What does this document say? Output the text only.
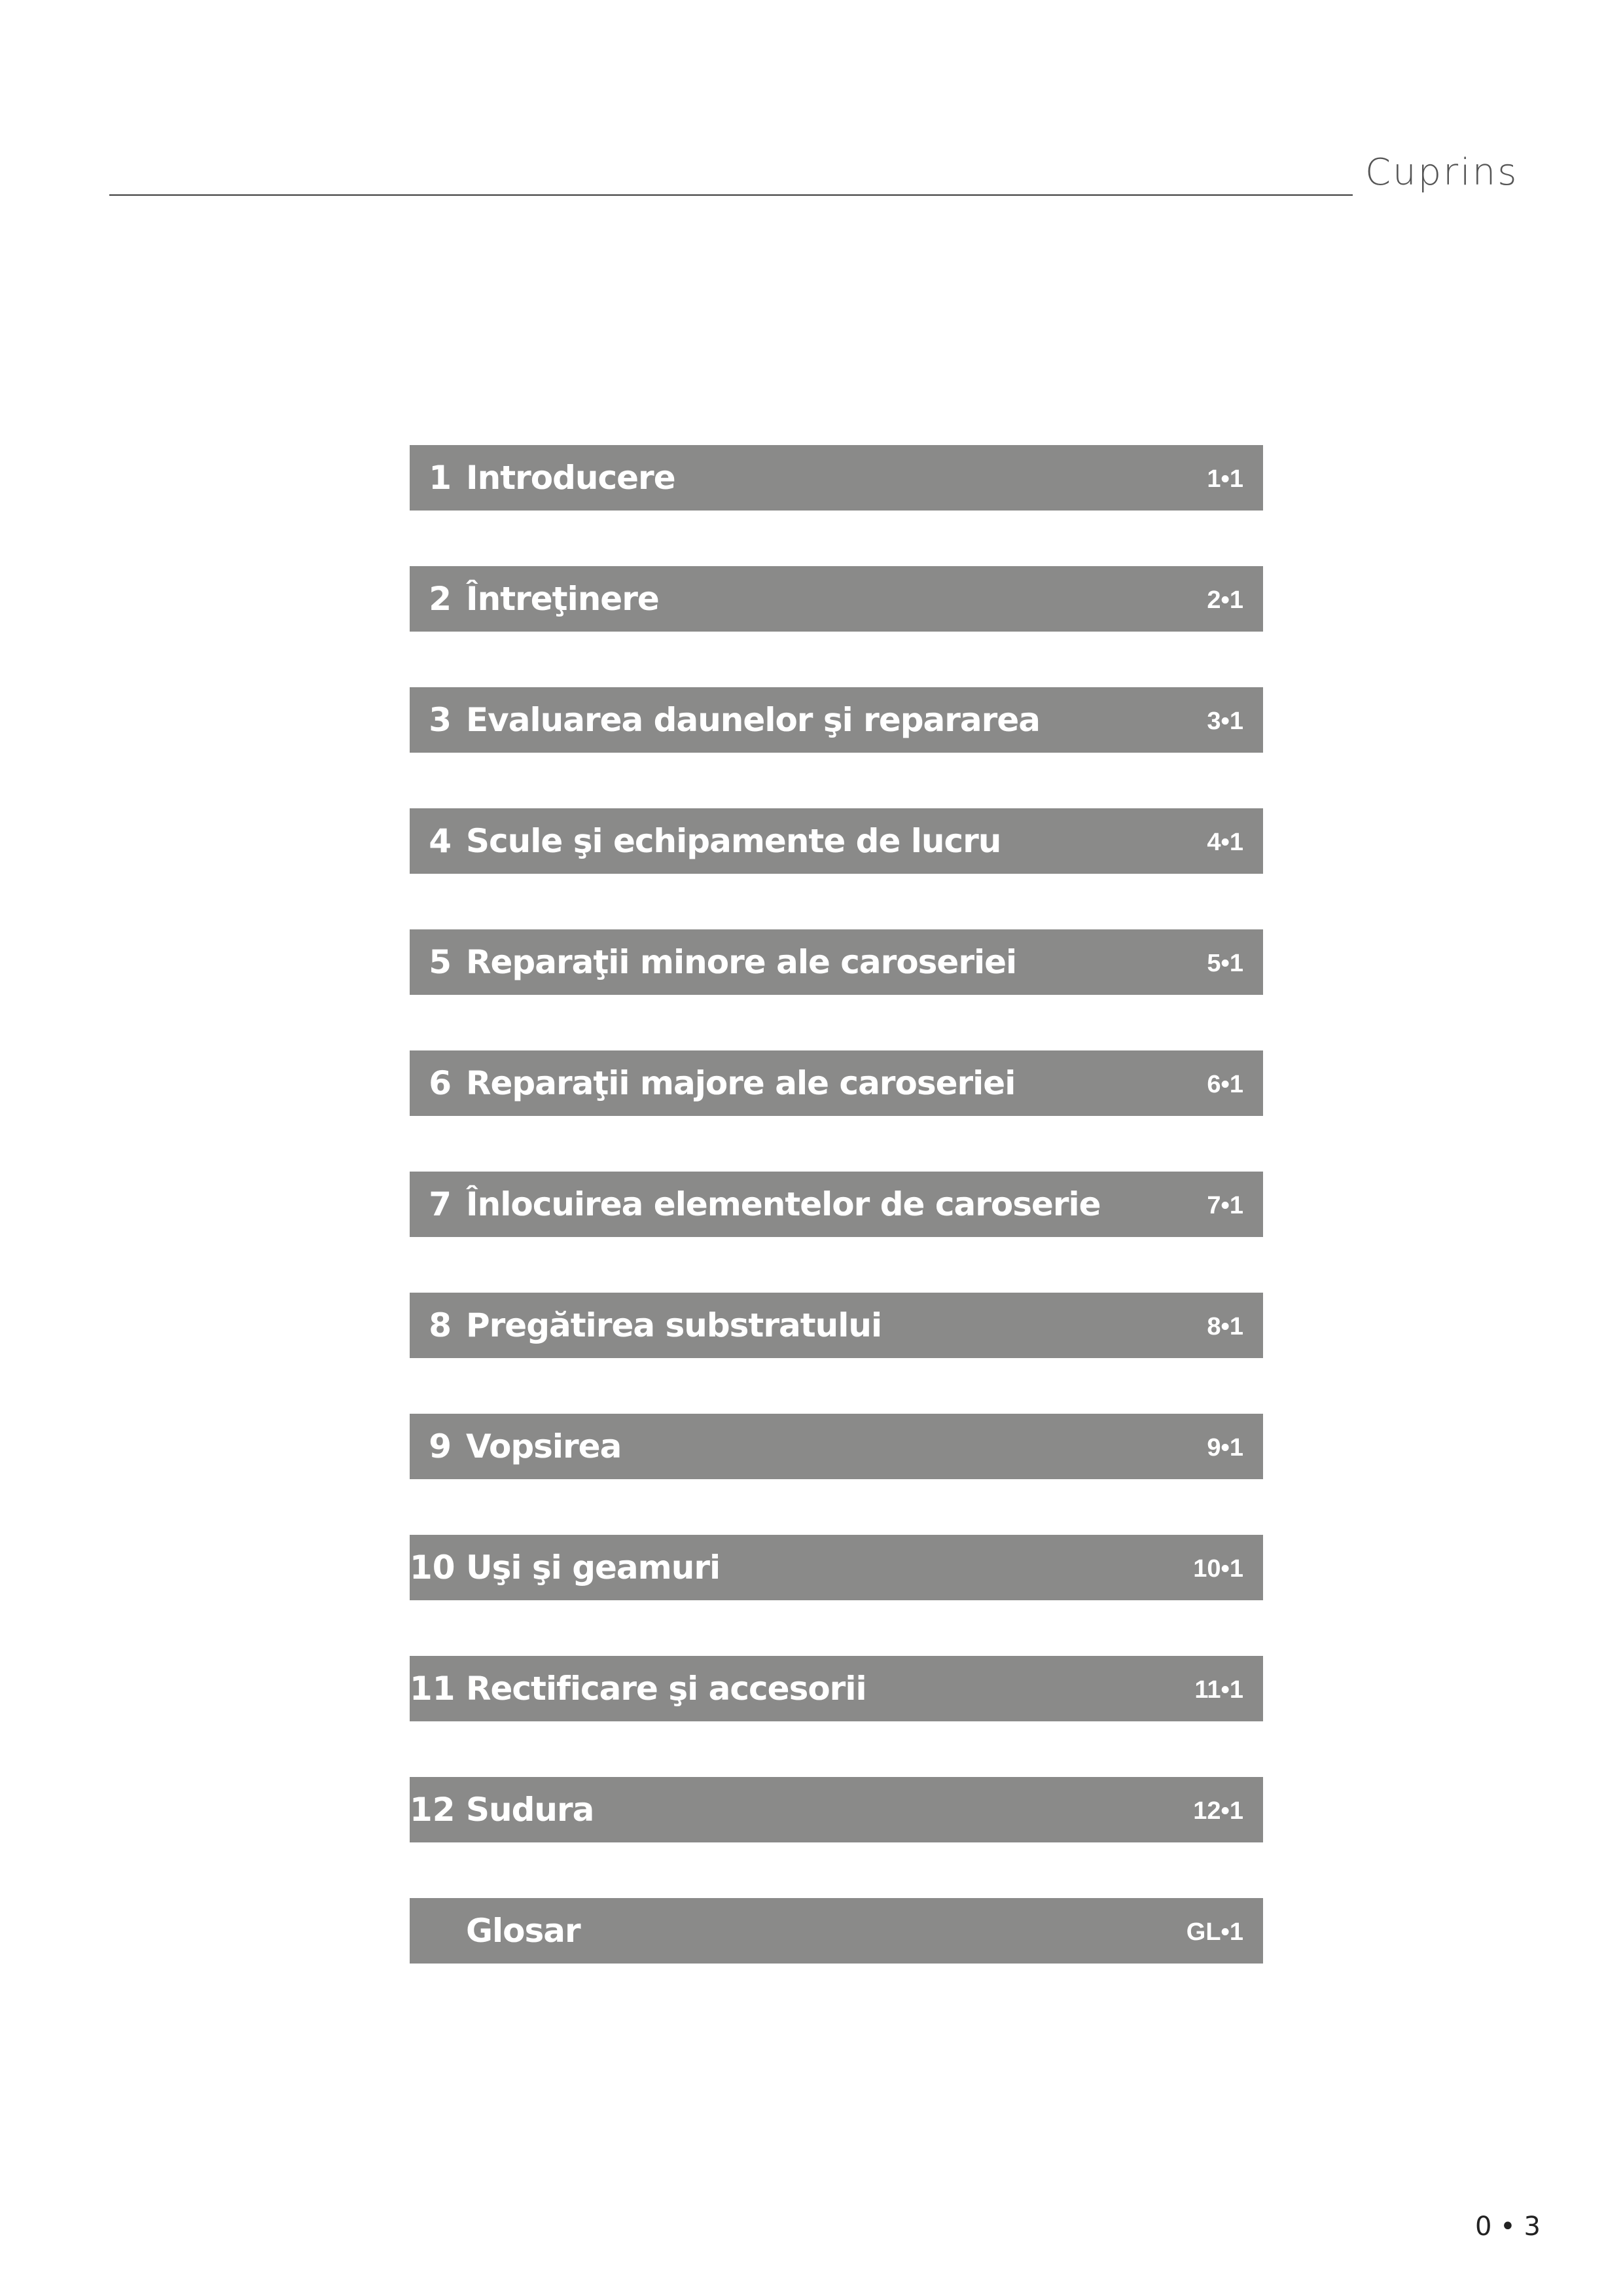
Cuprins
1 Introducere	1•1
2 Întreţinere	2•1
3 Evaluarea daunelor şi repararea	3•1
4 Scule şi echipamente de lucru	4•1
5 Reparaţii minore ale caroseriei	5•1
6 Reparaţii majore ale caroseriei	6•1
7 Înlocuirea elementelor de caroserie	7•1
8 Pregătirea substratului	8•1
9 Vopsirea	9•1
10 Uşi şi geamuri	10•1
11 Rectificare şi accesorii	11•1
12 Sudura	12•1
Glosar	GL•1
0 • 3
